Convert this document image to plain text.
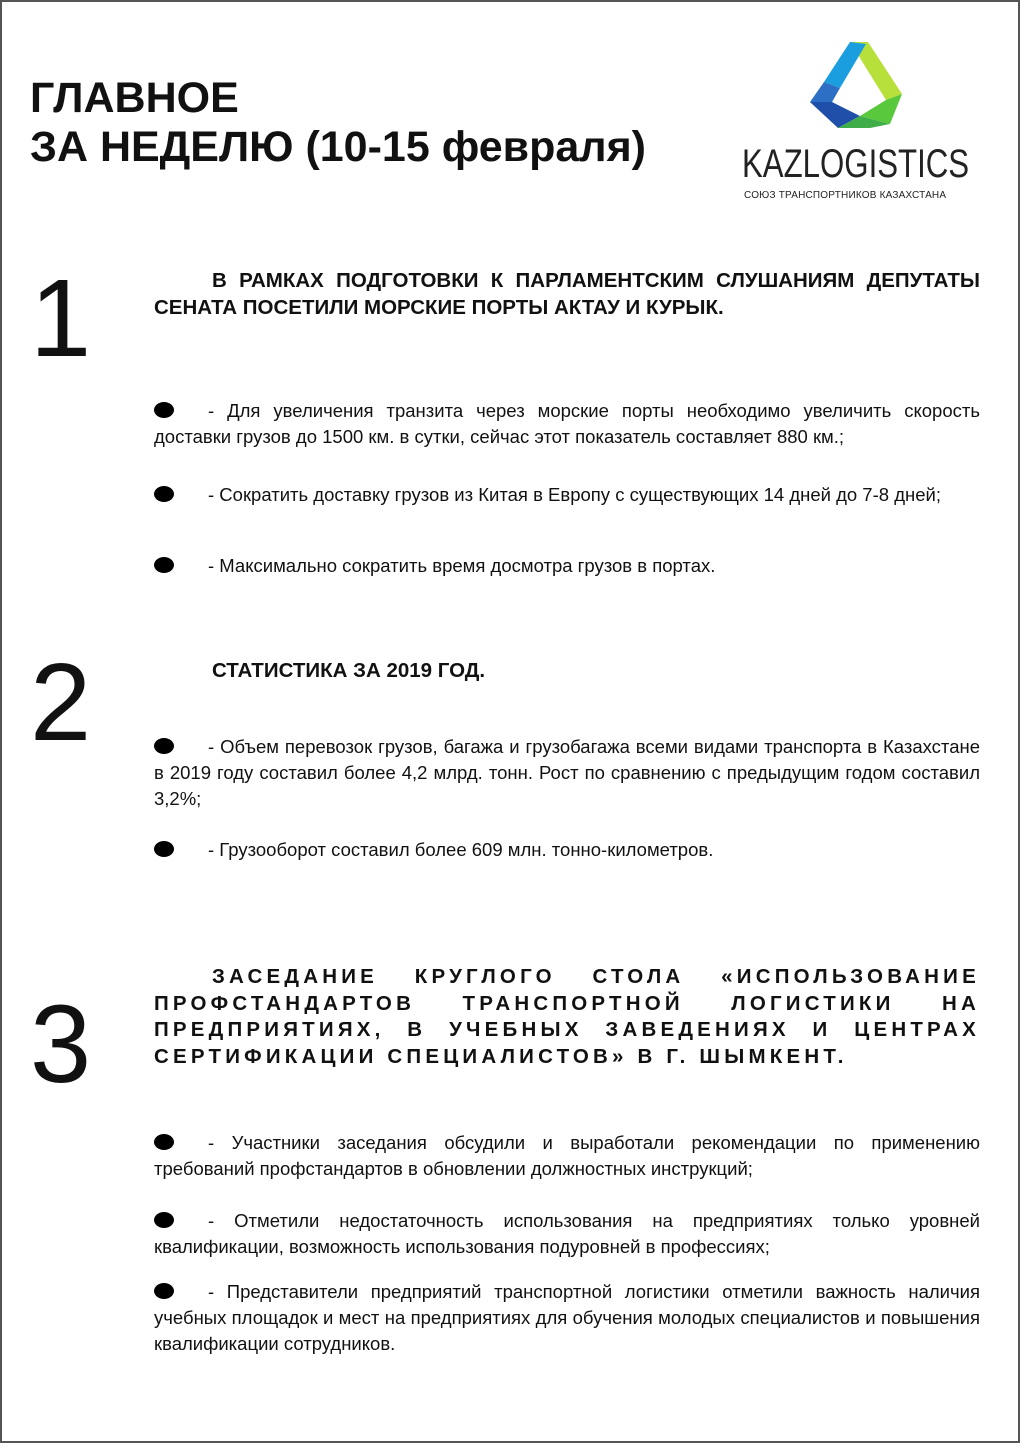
ГЛАВНОЕ
ЗА НЕДЕЛЮ (10-15 февраля) KAZLOGISTICS
СОЮЗ ТРАНСПОРТНИКОВ КАЗАХСТАНА
1	В РАМКАХ ПОДГОТОВКИ К ПАРЛАМЕНТСКИМ СЛУШАНИЯМ ДЕПУТАТЫ СЕНАТА ПОСЕТИЛИ МОРСКИЕ ПОРТЫ АКТАУ И КУРЫК.
- Для увеличения транзита через морские порты необходимо увеличить скорость доставки грузов до 1500 км. в сутки, сейчас этот показатель составляет 880 км.;
- Сократить доставку грузов из Китая в Европу с существующих 14 дней до 7-8 дней;
- Максимально сократить время досмотра грузов в портах.
2	СТАТИСТИКА ЗА 2019 ГОД.
- Объем перевозок грузов, багажа и грузобагажа всеми видами транспорта в Казахстане в 2019 году составил более 4,2 млрд. тонн. Рост по сравнению с предыдущим годом составил 3,2%;
- Грузооборот составил более 609 млн. тонно-километров.
3
ЗАСЕДАНИЕ КРУГЛОГО СТОЛА «ИСПОЛЬЗОВАНИЕ ПРОФСТАНДАРТОВ ТРАНСПОРТНОЙ ЛОГИСТИКИ НА ПРЕДПРИЯТИЯХ, В УЧЕБНЫХ ЗАВЕДЕНИЯХ И ЦЕНТРАХ СЕРТИФИКАЦИИ СПЕЦИАЛИСТОВ» В Г. ШЫМКЕНТ.
- Участники заседания обсудили и выработали рекомендации по применению требований профстандартов в обновлении должностных инструкций;
- Отметили недостаточность использования на предприятиях только уровней квалификации, возможность использования подуровней в профессиях;
- Представители предприятий транспортной логистики отметили важность наличия учебных площадок и мест на предприятиях для обучения молодых специалистов и повышения квалификации сотрудников.
